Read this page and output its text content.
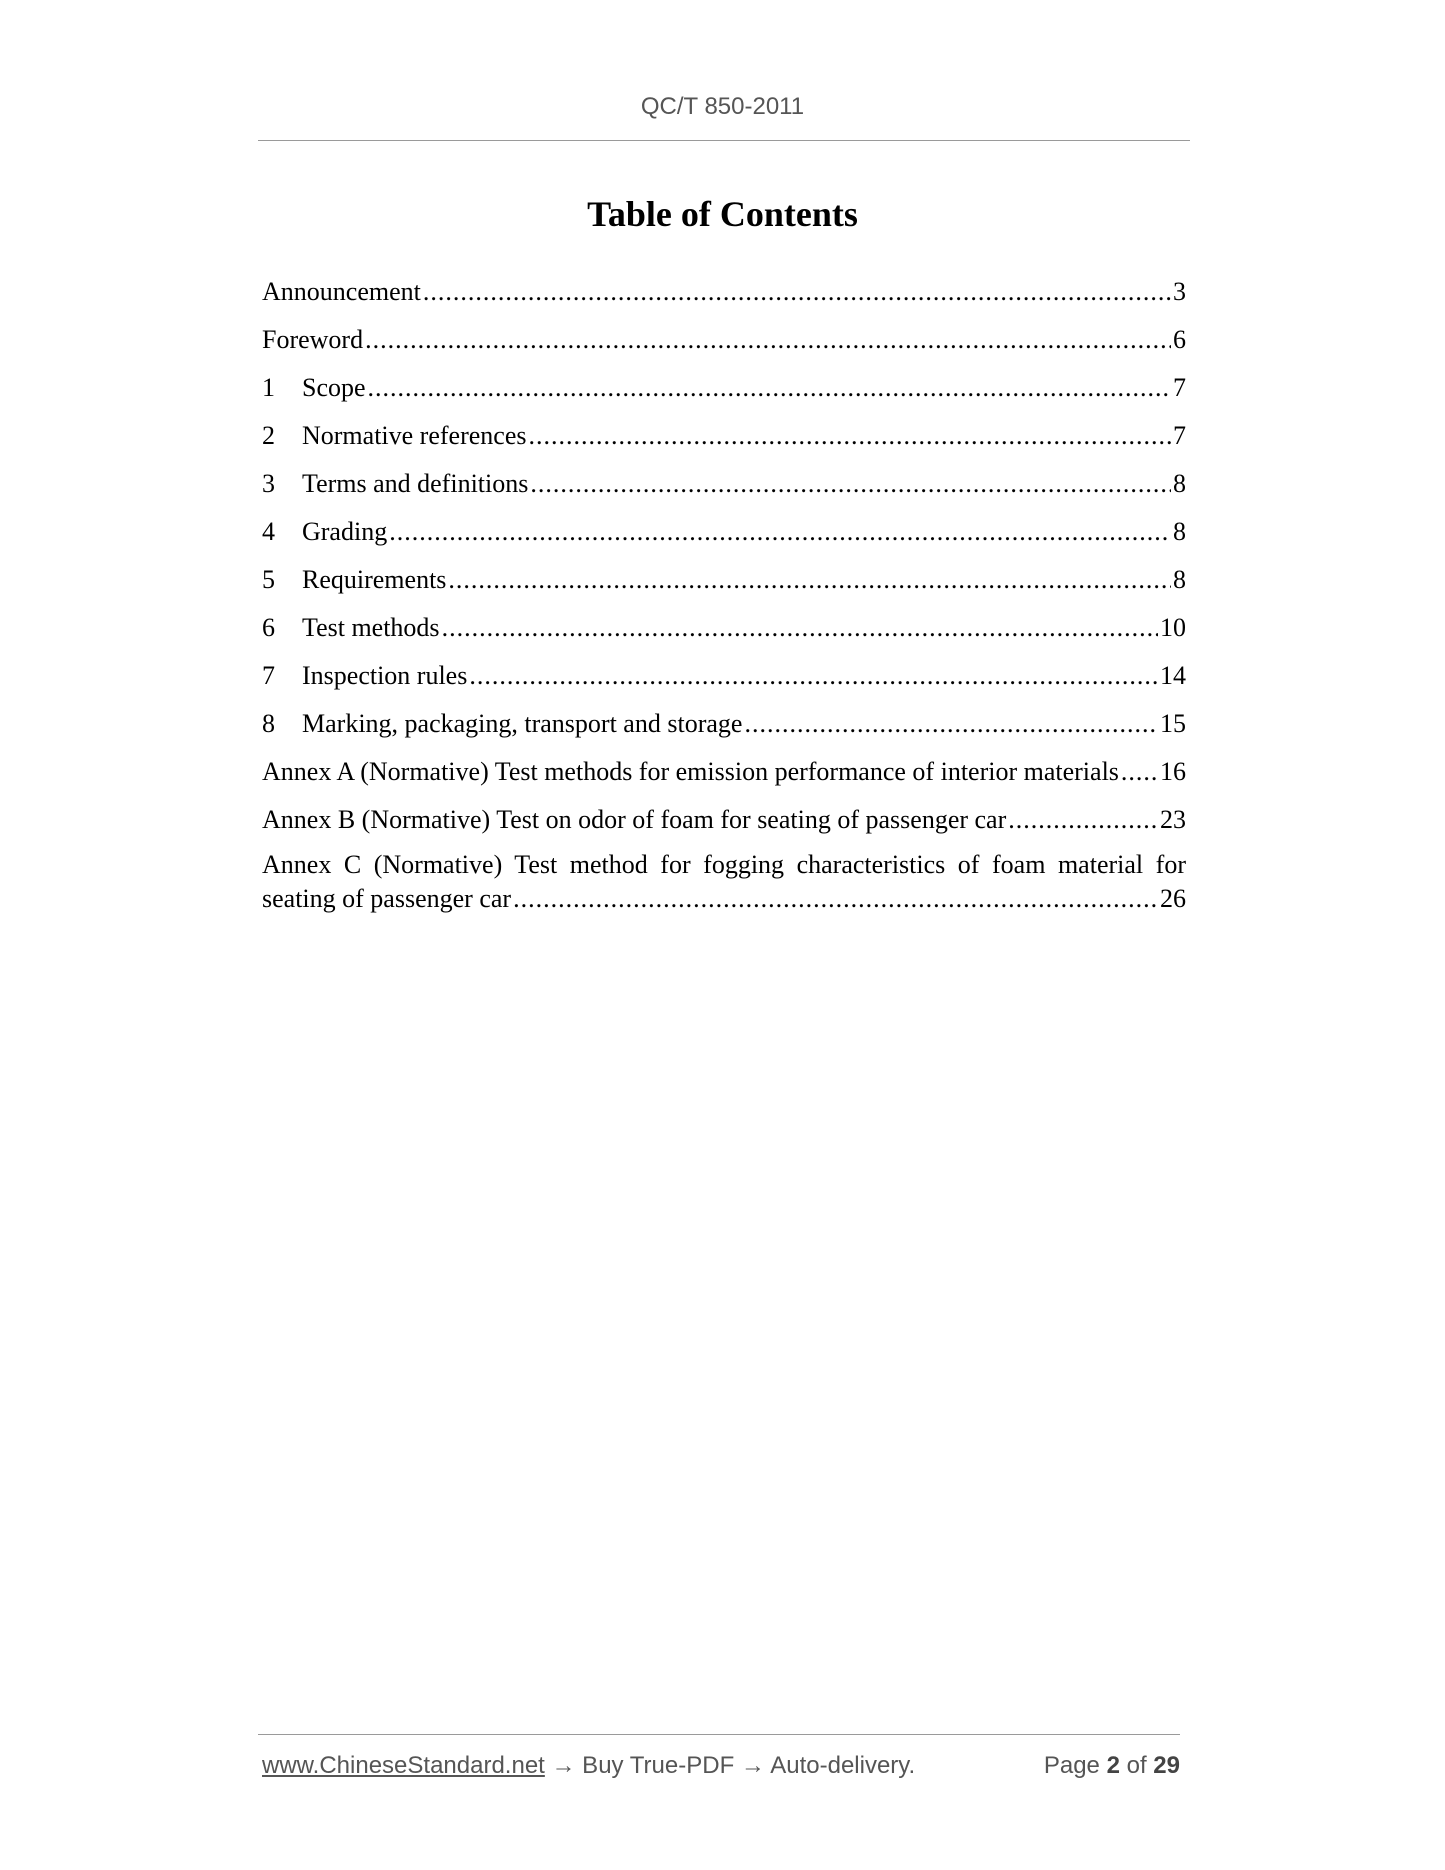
QC/T 850-2011
Table of Contents
Announcement .....	3
Foreword .....	6
1	Scope .....	7
2	Normative references .....	7
3	Terms and definitions .....	8
4	Grading .....	8
5	Requirements .....	8
6	Test methods .....	10
7	Inspection rules .....	14
8	Marking, packaging, transport and storage .....	15
Annex A (Normative) Test methods for emission performance of interior materials ..... 16
Annex B (Normative) Test on odor of foam for seating of passenger car .....	23
Annex C (Normative) Test method for fogging characteristics of foam material for
seating of passenger car .....	26
www.ChineseStandard.net → Buy True-PDF → Auto-delivery.	Page 2 of 29
